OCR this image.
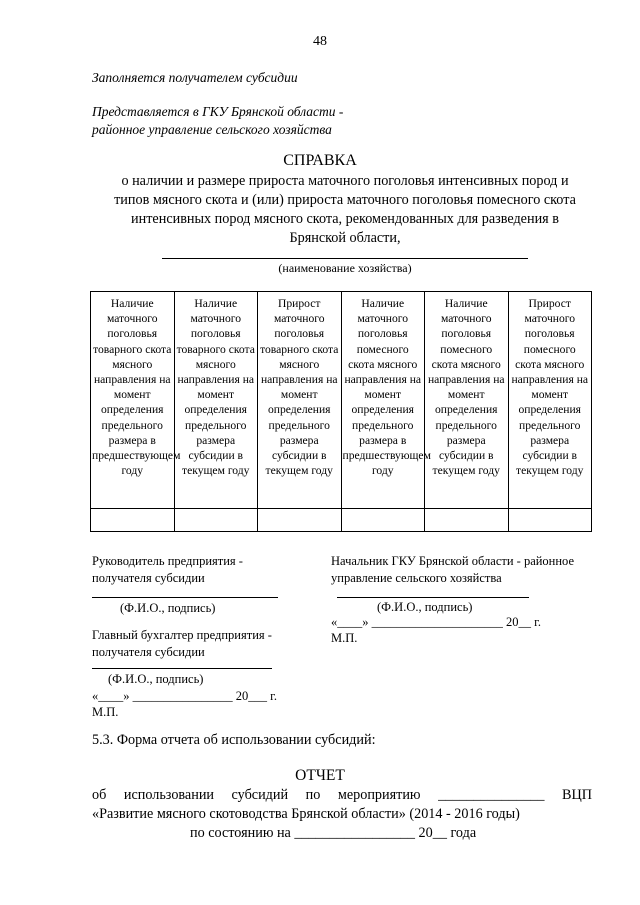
48
Заполняется получателем субсидии
Представляется в ГКУ Брянской области -
районное управление сельского хозяйства
СПРАВКА
о наличии и размере прироста маточного поголовья интенсивных пород и
типов мясного скота и (или) прироста маточного поголовья помесного скота
интенсивных пород мясного скота, рекомендованных для разведения в
Брянской области,
(наименование хозяйства)
Наличие маточного поголовья товарного скота мясного направления на момент определения предельного размера в предшествующем году	Наличие маточного поголовья товарного скота мясного направления на момент определения предельного размера субсидии в текущем году	Прирост маточного поголовья товарного скота мясного направления на момент определения предельного размера субсидии в текущем году	Наличие маточного поголовья помесного скота мясного направления на момент определения предельного размера в предшествующем году	Наличие маточного поголовья помесного скота мясного направления на момент определения предельного размера субсидии в текущем году	Прирост маточного поголовья помесного скота мясного направления на момент определения предельного размера субсидии в текущем году

Руководитель предприятия -
получателя субсидии
(Ф.И.О., подпись)
Главный бухгалтер предприятия -
получателя субсидии
(Ф.И.О., подпись)
«____» ________________ 20___ г.
М.П.
Начальник ГКУ Брянской области - районное
управление сельского хозяйства
(Ф.И.О., подпись)
«____» _____________________ 20__ г.
М.П.
5.3. Форма отчета об использовании субсидий:
ОТЧЕТ
об использовании субсидий по мероприятию _______________ ВЦП
«Развитие мясного скотоводства Брянской области» (2014 - 2016 годы)
по состоянию на _________________ 20__ года
